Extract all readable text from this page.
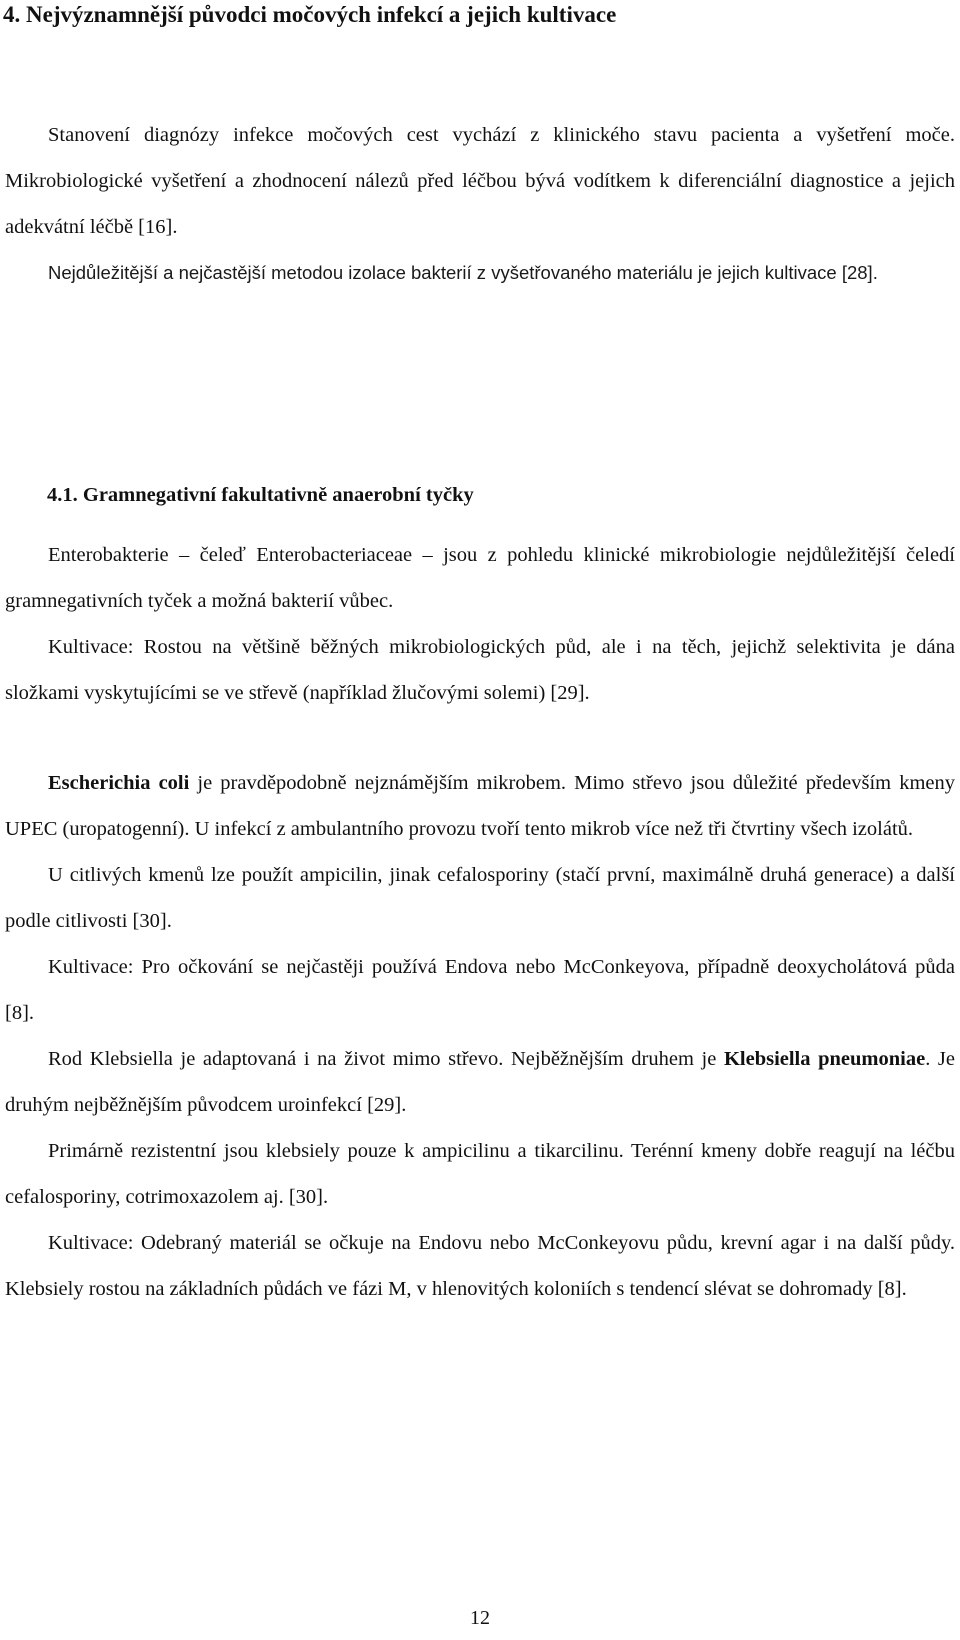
4. Nejvýznamnější původci močových infekcí a jejich kultivace

Stanovení diagnózy infekce močových cest vychází z klinického stavu pacienta a vyšetření moče. Mikrobiologické vyšetření a zhodnocení nálezů před léčbou bývá vodítkem k diferenciální diagnostice a jejich adekvátní léčbě [16].

Nejdůležitější a nejčastější metodou izolace bakterií z vyšetřovaného materiálu je jejich kultivace [28].

4.1. Gramnegativní fakultativně anaerobní tyčky

Enterobakterie – čeleď Enterobacteriaceae – jsou z pohledu klinické mikrobiologie nejdůležitější čeledí gramnegativních tyček a možná bakterií vůbec.

Kultivace: Rostou na většině běžných mikrobiologických půd, ale i na těch, jejichž selektivita je dána složkami vyskytujícími se ve střevě (například žlučovými solemi) [29].

Escherichia coli je pravděpodobně nejznámějším mikrobem. Mimo střevo jsou důležité především kmeny UPEC (uropatogenní). U infekcí z ambulantního provozu tvoří tento mikrob více než tři čtvrtiny všech izolátů.

U citlivých kmenů lze použít ampicilin, jinak cefalosporiny (stačí první, maximálně druhá generace) a další podle citlivosti [30].

Kultivace: Pro očkování se nejčastěji používá Endova nebo McConkeyova, případně deoxycholátová půda [8].

Rod Klebsiella je adaptovaná i na život mimo střevo. Nejběžnějším druhem je Klebsiella pneumoniae. Je druhým nejběžnějším původcem uroinfekcí [29].

Primárně rezistentní jsou klebsiely pouze k ampicilinu a tikarcilinu. Terénní kmeny dobře reagují na léčbu cefalosporiny, cotrimoxazolem aj. [30].

Kultivace: Odebraný materiál se očkuje na Endovu nebo McConkeyovu půdu, krevní agar i na další půdy. Klebsiely rostou na základních půdách ve fázi M, v hlenovitých koloniích s tendencí slévat se dohromady [8].

12
